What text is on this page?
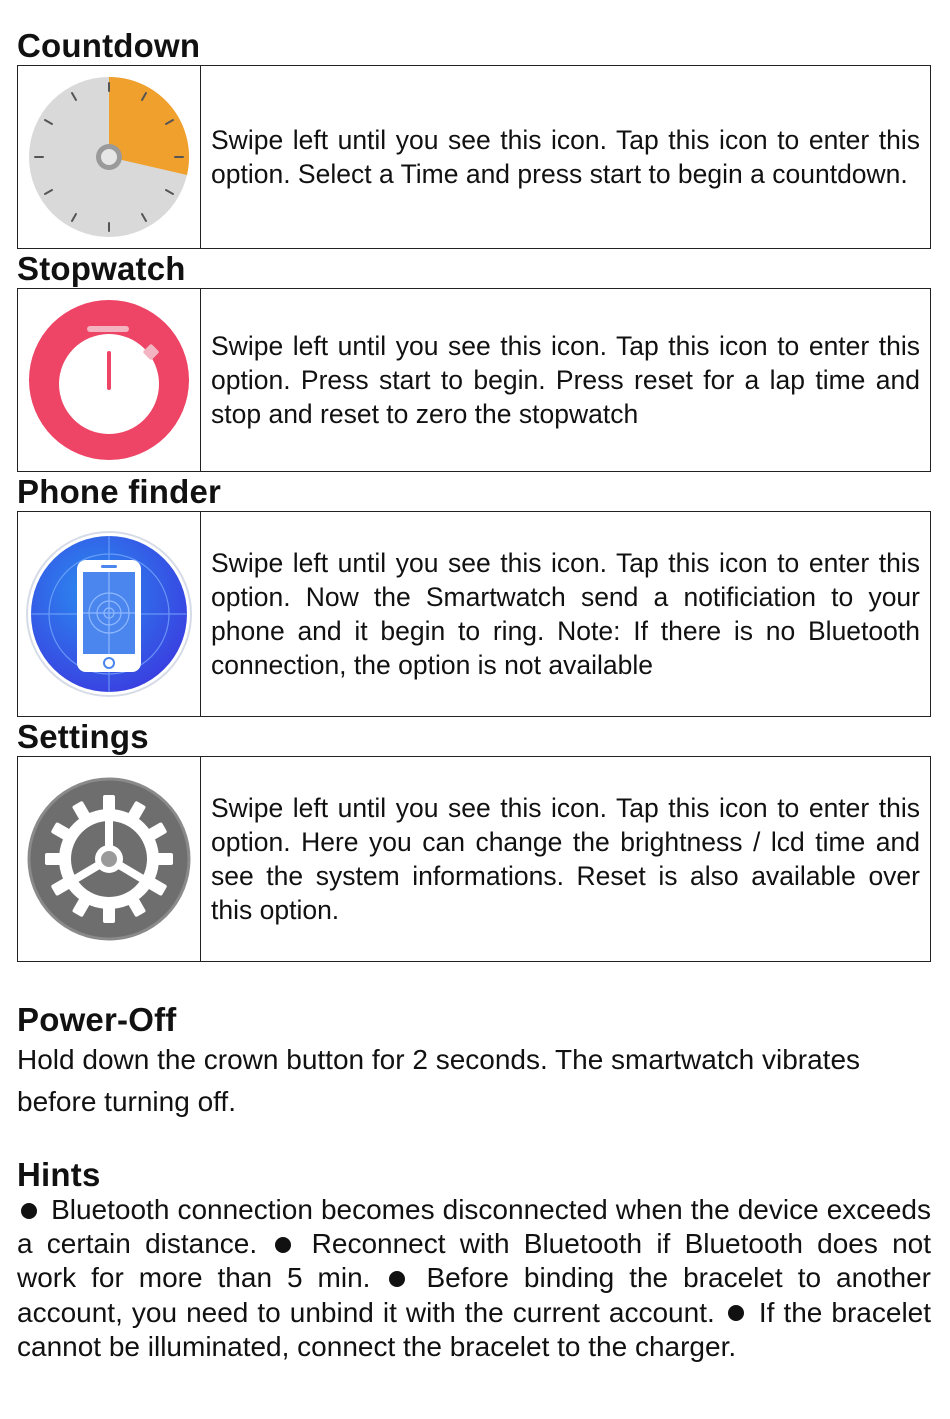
Countdown

Swipe left until you see this icon. Tap this icon to enter this option. Select a Time and press start to begin a countdown.

Stopwatch

Swipe left until you see this icon. Tap this icon to enter this option. Press start to begin. Press reset for a lap time and stop and reset to zero the stopwatch

Phone finder

Swipe left until you see this icon. Tap this icon to enter this option. Now the Smartwatch send a notificiation to your phone and it begin to ring. Note: If there is no Bluetooth connection, the option is not available

Settings

Swipe left until you see this icon. Tap this icon to enter this option. Here you can change the brightness / lcd time and see the system informations. Reset is also available over this option.

Power-Off

Hold down the crown button for 2 seconds. The smartwatch vibrates before turning off.

Hints

Bluetooth connection becomes disconnected when the device exceeds a certain distance. Reconnect with Bluetooth if Bluetooth does not work for more than 5 min. Before binding the bracelet to another account, you need to unbind it with the current account. If the bracelet cannot be illuminated, connect the bracelet to the charger.
